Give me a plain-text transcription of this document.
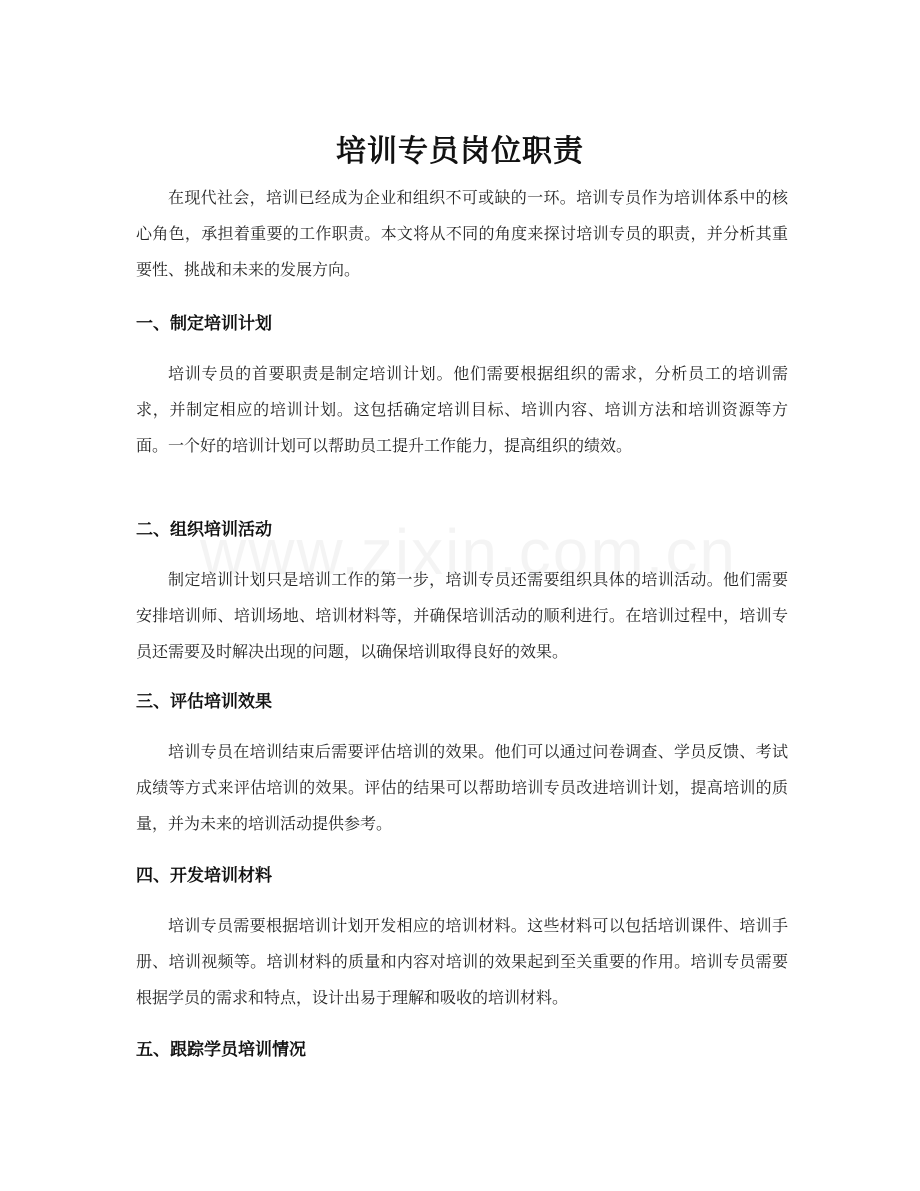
培训专员岗位职责

在现代社会，培训已经成为企业和组织不可或缺的一环。培训专员作为培训体系中的核心角色，承担着重要的工作职责。本文将从不同的角度来探讨培训专员的职责，并分析其重要性、挑战和未来的发展方向。

一、制定培训计划

培训专员的首要职责是制定培训计划。他们需要根据组织的需求，分析员工的培训需求，并制定相应的培训计划。这包括确定培训目标、培训内容、培训方法和培训资源等方面。一个好的培训计划可以帮助员工提升工作能力，提高组织的绩效。

二、组织培训活动

制定培训计划只是培训工作的第一步，培训专员还需要组织具体的培训活动。他们需要安排培训师、培训场地、培训材料等，并确保培训活动的顺利进行。在培训过程中，培训专员还需要及时解决出现的问题，以确保培训取得良好的效果。

三、评估培训效果

培训专员在培训结束后需要评估培训的效果。他们可以通过问卷调查、学员反馈、考试成绩等方式来评估培训的效果。评估的结果可以帮助培训专员改进培训计划，提高培训的质量，并为未来的培训活动提供参考。

四、开发培训材料

培训专员需要根据培训计划开发相应的培训材料。这些材料可以包括培训课件、培训手册、培训视频等。培训材料的质量和内容对培训的效果起到至关重要的作用。培训专员需要根据学员的需求和特点，设计出易于理解和吸收的培训材料。

五、跟踪学员培训情况
